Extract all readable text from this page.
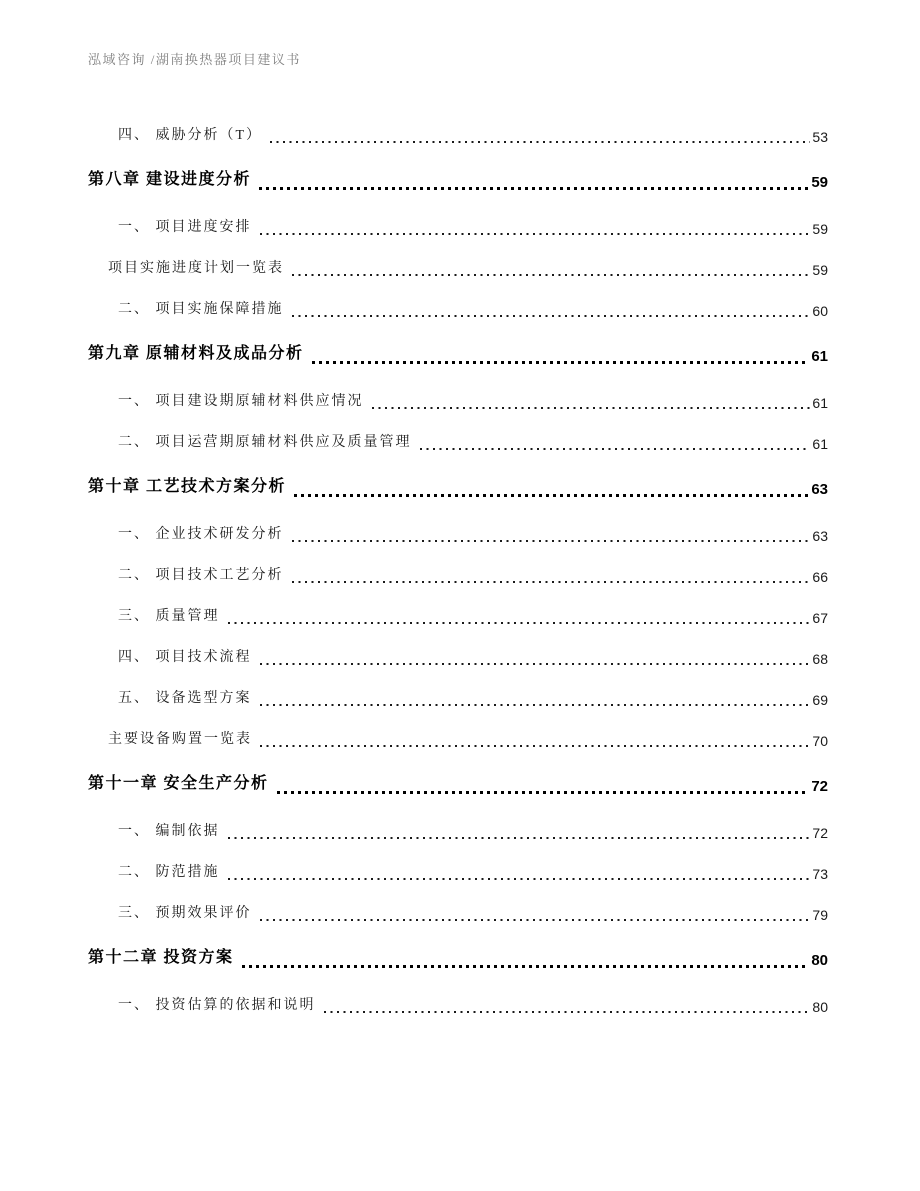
泓域咨询 /湖南换热器项目建议书
四、 威胁分析（T）	53
第八章 建设进度分析	59
一、 项目进度安排	59
项目实施进度计划一览表	59
二、 项目实施保障措施	60
第九章 原辅材料及成品分析	61
一、 项目建设期原辅材料供应情况	61
二、 项目运营期原辅材料供应及质量管理	61
第十章 工艺技术方案分析	63
一、 企业技术研发分析	63
二、 项目技术工艺分析	66
三、 质量管理	67
四、 项目技术流程	68
五、 设备选型方案	69
主要设备购置一览表	70
第十一章 安全生产分析	72
一、 编制依据	72
二、 防范措施	73
三、 预期效果评价	79
第十二章 投资方案	80
一、 投资估算的依据和说明	80
